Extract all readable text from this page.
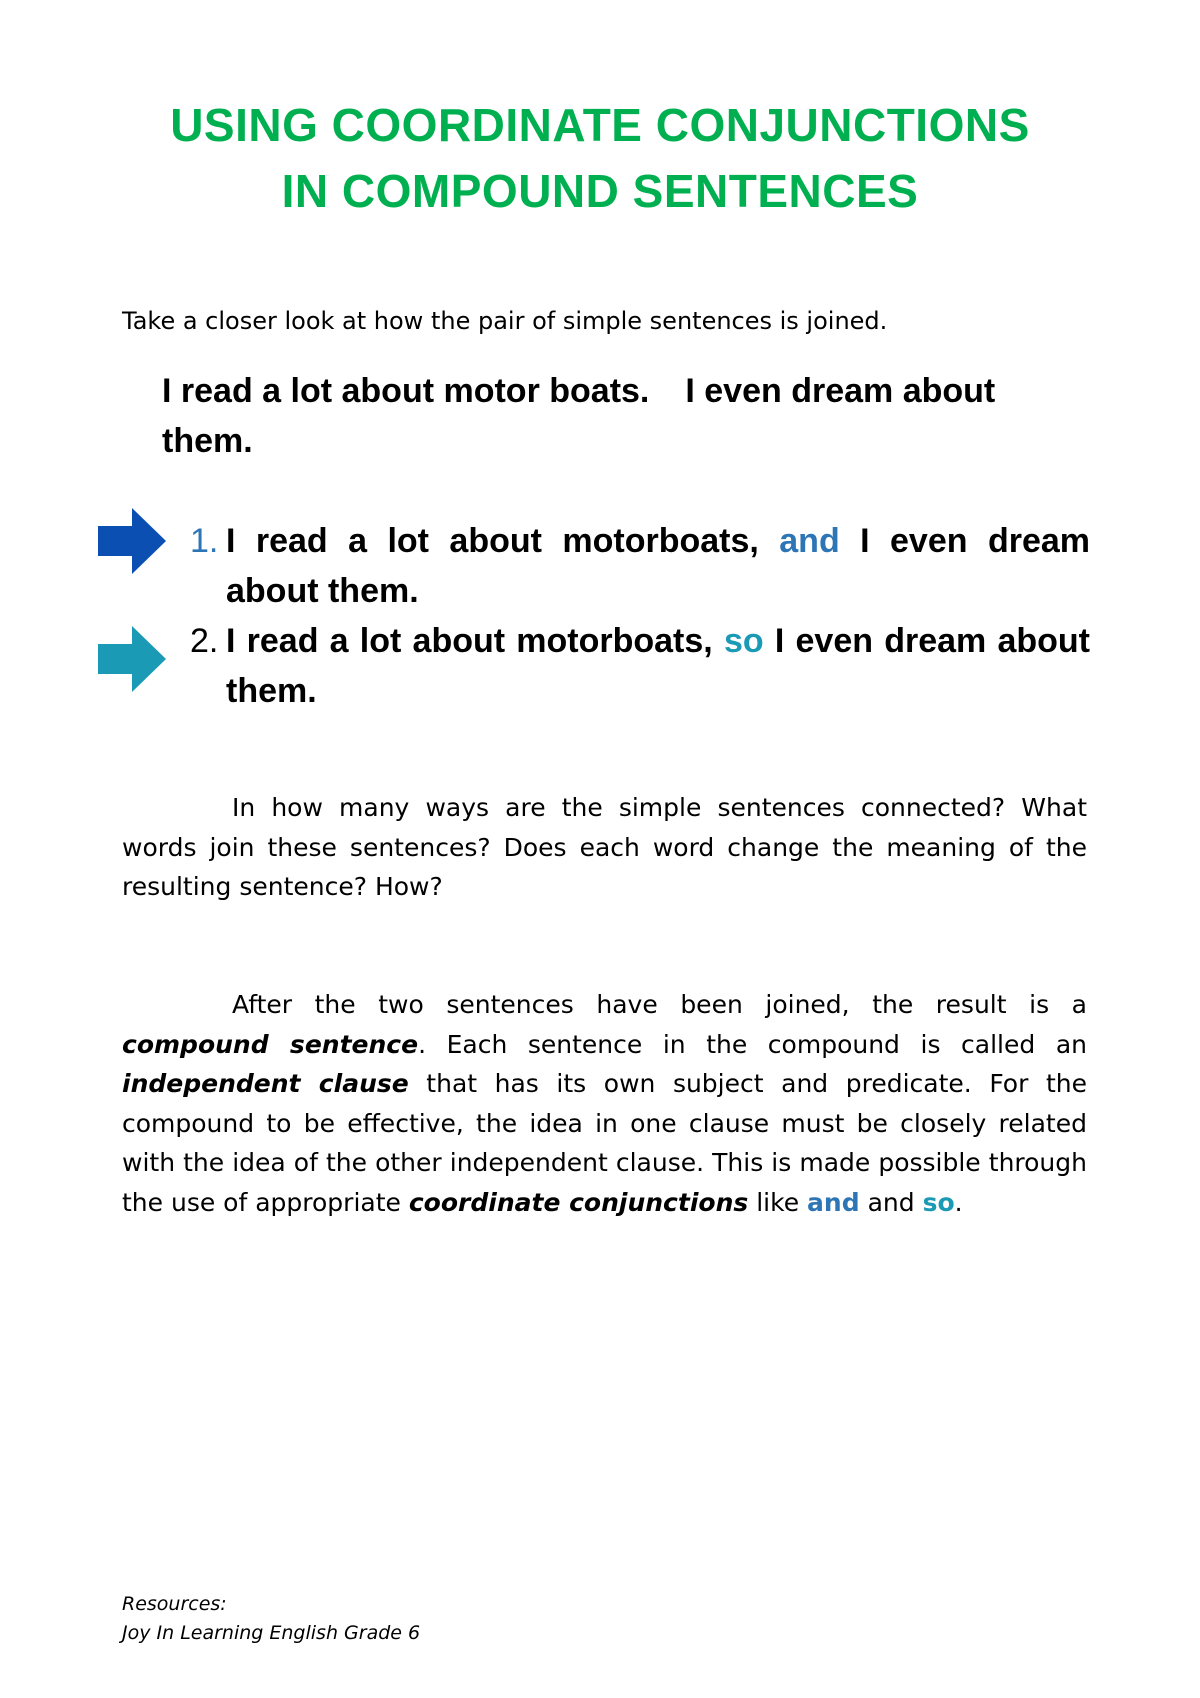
USING COORDINATE CONJUNCTIONS
IN COMPOUND SENTENCES
Take a closer look at how the pair of simple sentences is joined.
I read a lot about motor boats. I even dream about them.
1. I read a lot about motorboats, and I even dream about them.
2. I read a lot about motorboats, so I even dream about them.

In how many ways are the simple sentences connected? What words join these sentences? Does each word change the meaning of the resulting sentence? How?

After the two sentences have been joined, the result is a compound sentence. Each sentence in the compound is called an independent clause that has its own subject and predicate. For the compound to be effective, the idea in one clause must be closely related with the idea of the other independent clause. This is made possible through the use of appropriate coordinate conjunctions like and and so.

Resources:
Joy In Learning English Grade 6
